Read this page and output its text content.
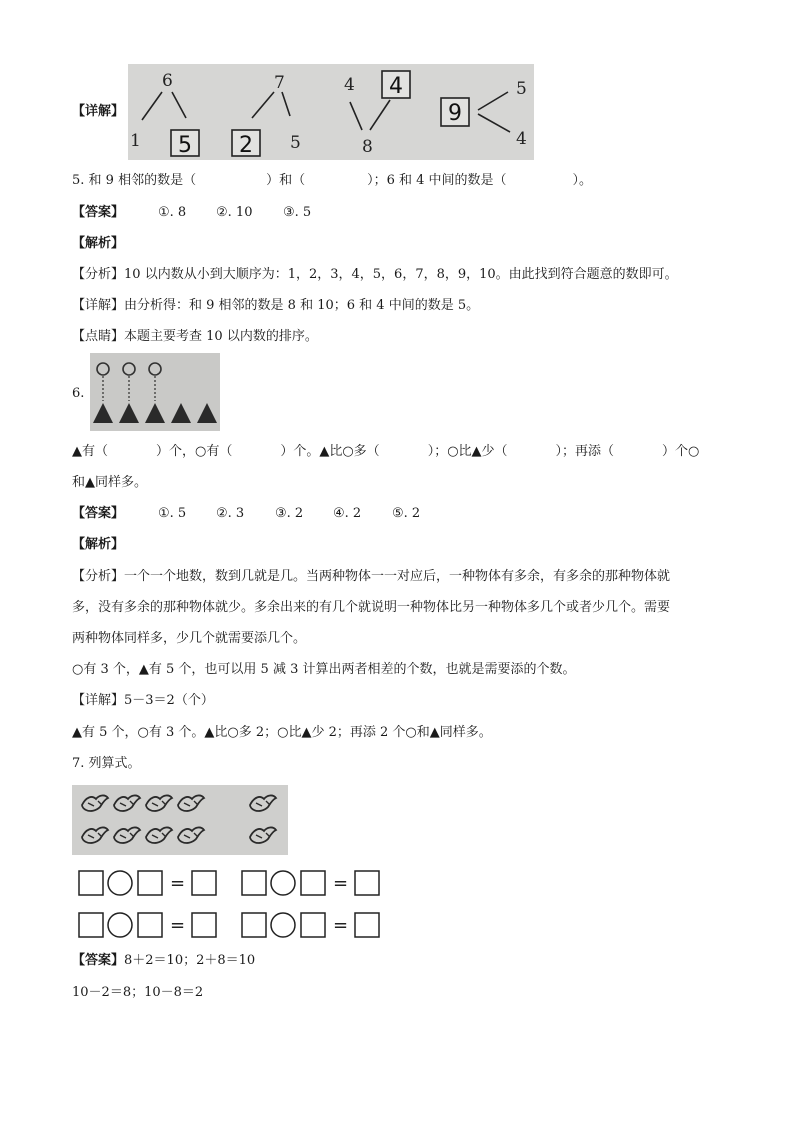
【详解】
6
1
7
5
4
8
5
4
5 2
4
9
5. 和 9 相邻的数是（	）和（	）；6 和 4 中间的数是（	）。
【答案】	①. 8 ②. 10 ③. 5
【解析】
【分析】10 以内数从小到大顺序为：1，2，3，4，5，6，7，8，9，10。由此找到符合题意的数即可。
【详解】由分析得：和 9 相邻的数是 8 和 10；6 和 4 中间的数是 5。
【点睛】本题主要考查 10 以内数的排序。
6.
▲有（	）个，○有（	）个。▲比○多（	）；○比▲少（	）；再添（	）个○
和▲同样多。
【答案】	①. 5 ②. 3 ③. 2 ④. 2 ⑤. 2
【解析】
【分析】一个一个地数，数到几就是几。当两种物体一一对应后，一种物体有多余，有多余的那种物体就
多，没有多余的那种物体就少。多余出来的有几个就说明一种物体比另一种物体多几个或者少几个。需要
两种物体同样多，少几个就需要添几个。
○有 3 个，▲有 5 个，也可以用 5 减 3 计算出两者相差的个数，也就是需要添的个数。
【详解】5－3＝2（个）
▲有 5 个，○有 3 个。▲比○多 2；○比▲少 2；再添 2 个○和▲同样多。
7. 列算式。
=	=
=	=
【答案】8＋2＝10；2＋8＝10
10－2＝8；10－8＝2
